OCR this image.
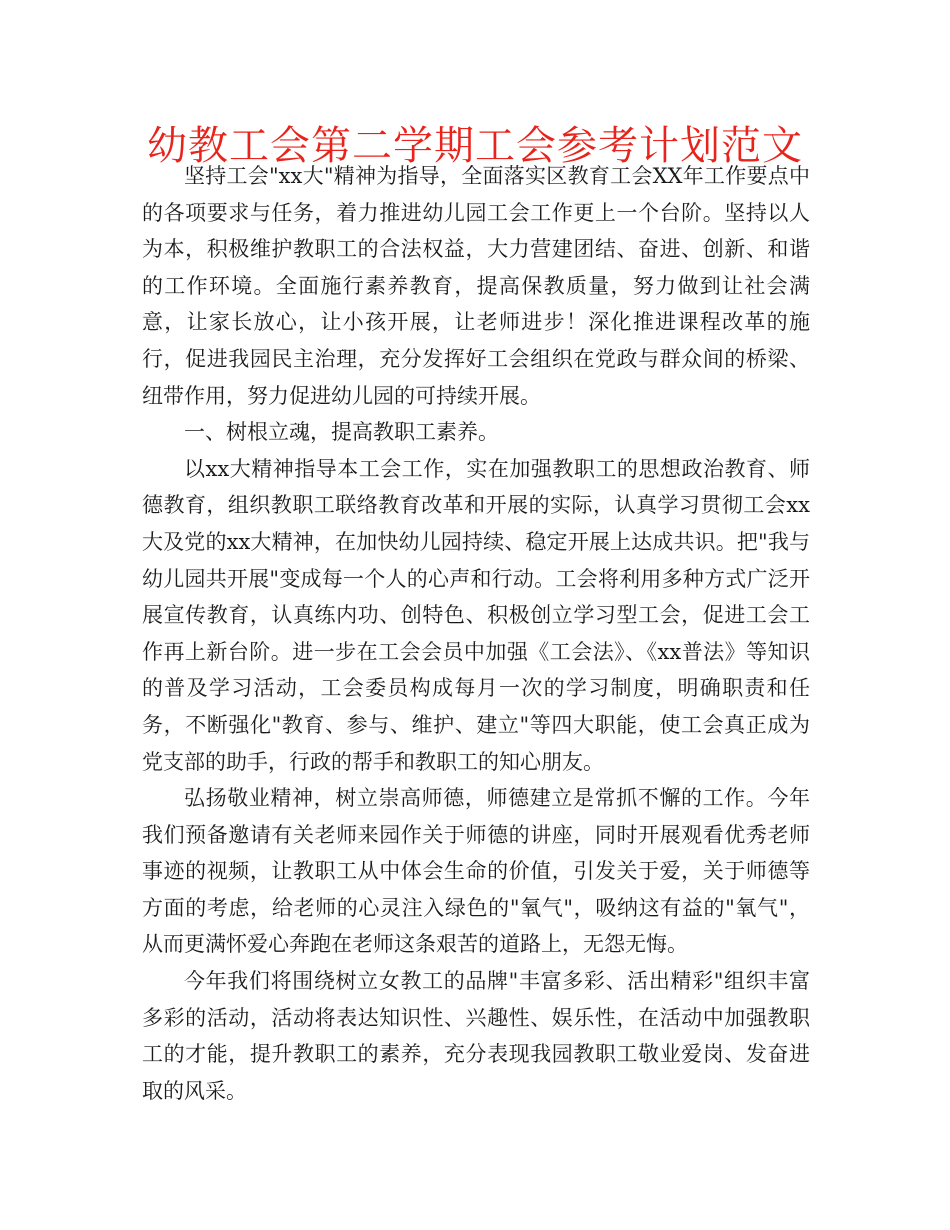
幼教工会第二学期工会参考计划范文

坚持工会"xx大"精神为指导，全面落实区教育工会XX年工作要点中的各项要求与任务，着力推进幼儿园工会工作更上一个台阶。坚持以人为本，积极维护教职工的合法权益，大力营建团结、奋进、创新、和谐的工作环境。全面施行素养教育，提高保教质量，努力做到让社会满意，让家长放心，让小孩开展，让老师进步！深化推进课程改革的施行，促进我园民主治理，充分发挥好工会组织在党政与群众间的桥梁、纽带作用，努力促进幼儿园的可持续开展。

一、树根立魂，提高教职工素养。

以xx大精神指导本工会工作，实在加强教职工的思想政治教育、师德教育，组织教职工联络教育改革和开展的实际，认真学习贯彻工会xx大及党的xx大精神，在加快幼儿园持续、稳定开展上达成共识。把"我与幼儿园共开展"变成每一个人的心声和行动。工会将利用多种方式广泛开展宣传教育，认真练内功、创特色、积极创立学习型工会，促进工会工作再上新台阶。进一步在工会会员中加强《工会法》、《xx普法》等知识的普及学习活动，工会委员构成每月一次的学习制度，明确职责和任务，不断强化"教育、参与、维护、建立"等四大职能，使工会真正成为党支部的助手，行政的帮手和教职工的知心朋友。

弘扬敬业精神，树立崇高师德，师德建立是常抓不懈的工作。今年我们预备邀请有关老师来园作关于师德的讲座，同时开展观看优秀老师事迹的视频，让教职工从中体会生命的价值，引发关于爱，关于师德等方面的考虑，给老师的心灵注入绿色的"氧气"，吸纳这有益的"氧气"，从而更满怀爱心奔跑在老师这条艰苦的道路上，无怨无悔。

今年我们将围绕树立女教工的品牌"丰富多彩、活出精彩"组织丰富多彩的活动，活动将表达知识性、兴趣性、娱乐性，在活动中加强教职工的才能，提升教职工的素养，充分表现我园教职工敬业爱岗、发奋进取的风采。
